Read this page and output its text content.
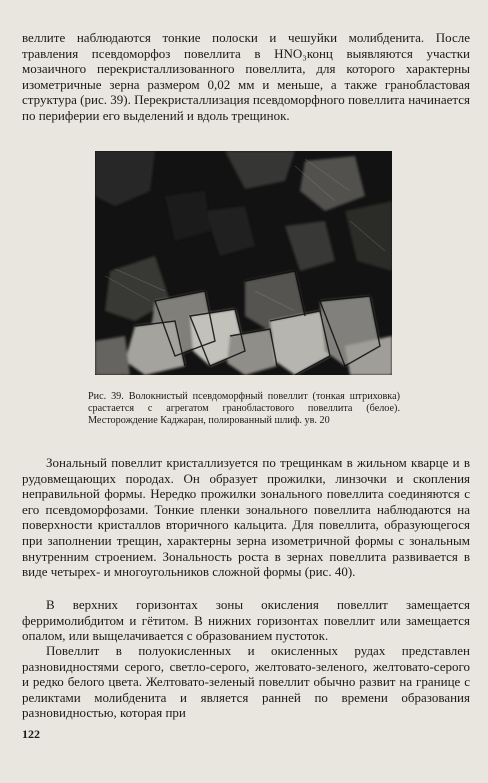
веллите наблюдаются тонкие полоски и чешуйки молибденита. После травления псевдоморфоз повеллита в HNO₃конц выявляются участки мозаичного перекристаллизованного повеллита, для которого характерны изометричные зерна размером 0,02 мм и меньше, а также гранобластовая структура (рис. 39). Перекристаллизация псевдоморфного повеллита начинается по периферии его выделений и вдоль трещинок.

Рис. 39. Волокнистый псевдоморфный повеллит (тонкая штриховка) срастается с агрегатом гранобластового повеллита (белое). Месторождение Каджаран, полированный шлиф. ув. 20

Зональный повеллит кристаллизуется по трещинкам в жильном кварце и в рудовмещающих породах. Он образует прожилки, линзочки и скопления неправильной формы. Нередко прожилки зонального повеллита соединяются с его псевдоморфозами. Тонкие пленки зонального повеллита наблюдаются на поверхности кристаллов вторичного кальцита. Для повеллита, образующегося при заполнении трещин, характерны зерна изометричной формы с зональным внутренним строением. Зональность роста в зернах повеллита развивается в виде четырех- и многоугольников сложной формы (рис. 40).

В верхних горизонтах зоны окисления повеллит замещается ферримолибдитом и гётитом. В нижних горизонтах повеллит или замещается опалом, или выщелачивается с образованием пустоток.

Повеллит в полуокисленных и окисленных рудах представлен разновидностями серого, светло-серого, желтовато-зеленого, желтовато-серого и редко белого цвета. Желтовато-зеленый повеллит обычно развит на границе с реликтами молибденита и является ранней по времени образования разновидностью, которая при

122
